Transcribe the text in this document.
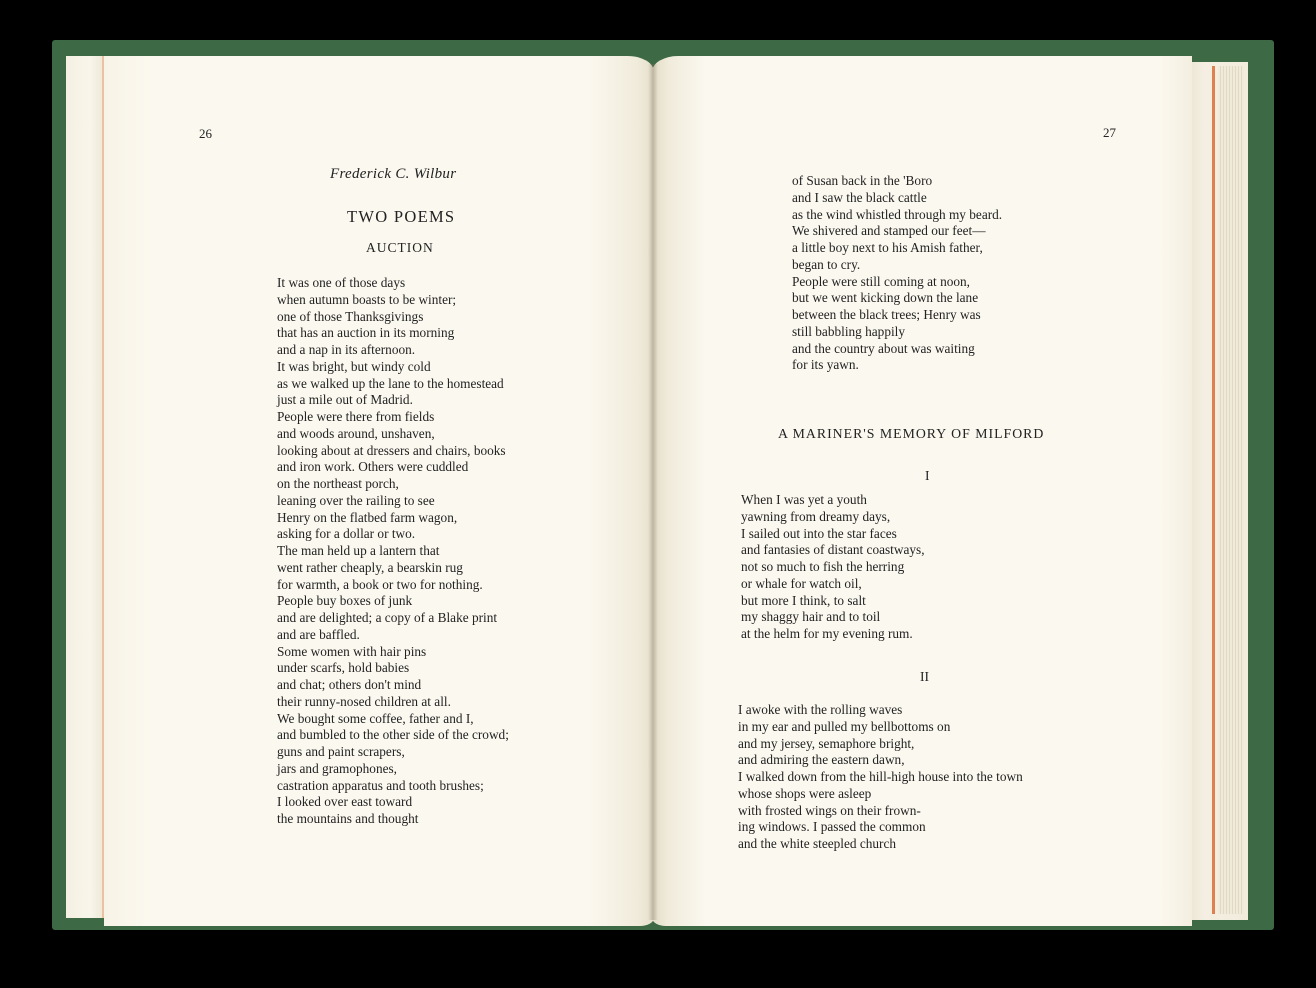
26
Frederick C. Wilbur
TWO POEMS
AUCTION
It was one of those days
when autumn boasts to be winter;
one of those Thanksgivings
that has an auction in its morning
and a nap in its afternoon.
It was bright, but windy cold
as we walked up the lane to the homestead
just a mile out of Madrid.
People were there from fields
and woods around, unshaven,
looking about at dressers and chairs, books
and iron work. Others were cuddled
on the northeast porch,
leaning over the railing to see
Henry on the flatbed farm wagon,
asking for a dollar or two.
The man held up a lantern that
went rather cheaply, a bearskin rug
for warmth, a book or two for nothing.
People buy boxes of junk
and are delighted; a copy of a Blake print
and are baffled.
Some women with hair pins
under scarfs, hold babies
and chat; others don't mind
their runny-nosed children at all.
We bought some coffee, father and I,
and bumbled to the other side of the crowd;
guns and paint scrapers,
jars and gramophones,
castration apparatus and tooth brushes;
I looked over east toward
the mountains and thought
27
of Susan back in the 'Boro
and I saw the black cattle
as the wind whistled through my beard.
We shivered and stamped our feet—
a little boy next to his Amish father,
began to cry.
People were still coming at noon,
but we went kicking down the lane
between the black trees; Henry was
still babbling happily
and the country about was waiting
for its yawn.
A MARINER'S MEMORY OF MILFORD
I
When I was yet a youth
yawning from dreamy days,
I sailed out into the star faces
and fantasies of distant coastways,
not so much to fish the herring
or whale for watch oil,
but more I think, to salt
my shaggy hair and to toil
at the helm for my evening rum.
II
I awoke with the rolling waves
in my ear and pulled my bellbottoms on
and my jersey, semaphore bright,
and admiring the eastern dawn,
I walked down from the hill-high house into the town
whose shops were asleep
with frosted wings on their frown-
ing windows. I passed the common
and the white steepled church
